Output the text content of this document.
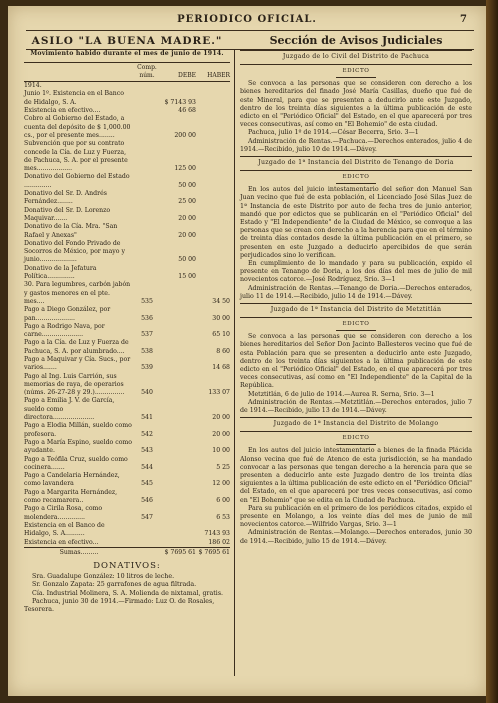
PERIODICO OFICIAL.	7
ASILO "LA BUENA MADRE."
Movimiento habido durante el mes de junio de 1914.
	Comp. núm.	DEBE	HABER
1914.			
Junio 1º. Existencia en el Banco de Hidalgo, S. A.		$ 7143 93	
Existencia en efectivo....		46 68	
Cobro al Gobierno del Estado, a cuenta del depósito de $ 1,000.00 cs., por el presente mes........		200 00	
Subvención que por su contrato concede la Cía. de Luz y Fuerza, de Pachuca, S. A. por el presente mes..................		125 00	
Donativo del Gobierno del Estado ..............		50 00	
Donativo del Sr. D. Andrés Fernández........		25 00	
Donativo del Sr. D. Lorenzo Maquivar.......		20 00	
Donativo de la Cía. Mra. "San Rafael y Anexas"		20 00	
Donativo del Fondo Privado de Socorros de México, por mayo y junio...................		50 00	
Donativo de la Jefatura Política..............		15 00	
30. Para legumbres, carbón jabón y gastos menores en el pte. mes....	535		34 50
Pago a Diego González, por pan....................	536		30 00
Pago a Rodrigo Nava, por carne.....................	537		65 10
Pago a la Cía. de Luz y Fuerza de Pachuca, S. A. por alumbrado....	538		8 60
Pago a Maquivar y Cía. Sucs., por varios.......	539		14 68
Pago al Ing. Luis Carrión, sus memorias de raya, de operarios (núms. 26-27-28 y 29.)...............	540		133 07
Pago a Emilia J. V. de García, sueldo como directora.....................	541		20 00
Pago a Elodia Millán, sueldo como profesora.	542		20 00
Pago a María Espino, sueldo como ayudante.	543		10 00
Pago a Teófila Cruz, sueldo como cocinera.......	544		5 25
Pago a Candelaria Hernández, como lavandera	545		12 00
Pago a Margarita Hernández, como recamarera..	546		6 00
Pago a Cirila Rosa, como molendera..............	547		6 53
Existencia en el Banco de Hidalgo, S. A..........			7143 93
Existencia en efectivo...			186 02
Sumas.........		$ 7695 61	$ 7695 61
DONATIVOS:

Sra. Guadalupe González: 10 litros de leche.

Sr. Gonzalo Zapata: 25 garrafones de agua filtrada.

Cía. Industrial Molinera, S. A. Molienda de nixtamal, gratis.

Pachuca, junio 30 de 1914.—Firmado: Luz O. de Rosales, Tesorera.

Sección de Avisos Judiciales
Juzgado de lo Civil del Distrito de Pachuca
EDICTO

Se convoca a las personas que se consideren con derecho a los bienes hereditarios del finado José María Casillas, dueño que fué de este Mineral, para que se presenten a deducirlo ante este Juzgado, dentro de los treinta días siguientes a la última publicación de este edicto en el "Periódico Oficial" del Estado, en el que aparecerá por tres veces consecutivas, así como en "El Bohemio" de esta ciudad.

Pachuca, julio 1º de 1914.—César Becerra, Srio. 3—1

Administración de Rentas.—Pachuca.—Derechos enterados, julio 4 de 1914.—Recibido, julio 10 de 1914.—Dávey.

Juzgado de 1ª Instancia del Distrito de Tenango de Doria
EDICTO

En los autos del juicio intestamentario del señor don Manuel San Juan vecino que fué de esta población, el Licenciado José Silas Juez de 1ª Instancia de este Distrito por auto de fecha tres de junio anterior, mandó que por edictos que se publicarán en el "Periódico Oficial" del Estado y "El Independiente" de la Ciudad de México, se convoque a las personas que se crean con derecho a la herencia para que en el término de treinta días contados desde la última publicación en el primero, se presenten en este Juzgado a deducirlo apercibidos de que serán perjudicados sino lo verifican.

En cumplimiento de lo mandado y para su publicación, expido el presente en Tenango de Doria, a los dos días del mes de julio de mil novecientos catorce.—José Rodríguez, Srio. 3—1

Administración de Rentas.—Tenango de Doria.—Derechos enterados, julio 11 de 1914.—Recibido, julio 14 de 1914.—Dávey.

Juzgado de 1ª Instancia del Distrito de Metztitlán
EDICTO

Se convoca a las personas que se consideren con derecho a los bienes hereditarios del Señor Don Jacinto Ballesteros vecino que fué de esta Población para que se presenten a deducirlo ante este Juzgado, dentro de los treinta días siguientes a la última publicación de este edicto en el "Periódico Oficial" del Estado, en el que aparecerá por tres veces consecutivas, así como en "El Independiente" de la Capital de la República.

Metztitlán, 6 de julio de 1914.—Aurea R. Serna, Srio. 3—1

Administración de Rentas.—Metztitlán.—Derechos enterados, julio 7 de 1914.—Recibido, julio 13 de 1914.—Dávey.

Juzgado de 1ª Instancia del Distrito de Molango
EDICTO

En los autos del juicio intestamentario a bienes de la finada Plácida Alonso vecina que fué de Atenco de esta jurisdicción, se ha mandado convocar a las personas que tengan derecho a la herencia para que se presenten a deducirlo ante este Juzgado dentro de los treinta días siguientes a la última publicación de este edicto en el "Periódico Oficial" del Estado, en el que aparecerá por tres veces consecutivas, así como en "El Bohemio" que se edita en la Ciudad de Pachuca.

Para su publicación en el primero de los periódicos citados, expido el presente en Molango, a los veinte días del mes de junio de mil novecientos catorce.—Wilfrido Vargas, Srio. 3—1

Administración de Rentas.—Molango.—Derechos enterados, junio 30 de 1914.—Recibido, julio 15 de 1914.—Dávey.
